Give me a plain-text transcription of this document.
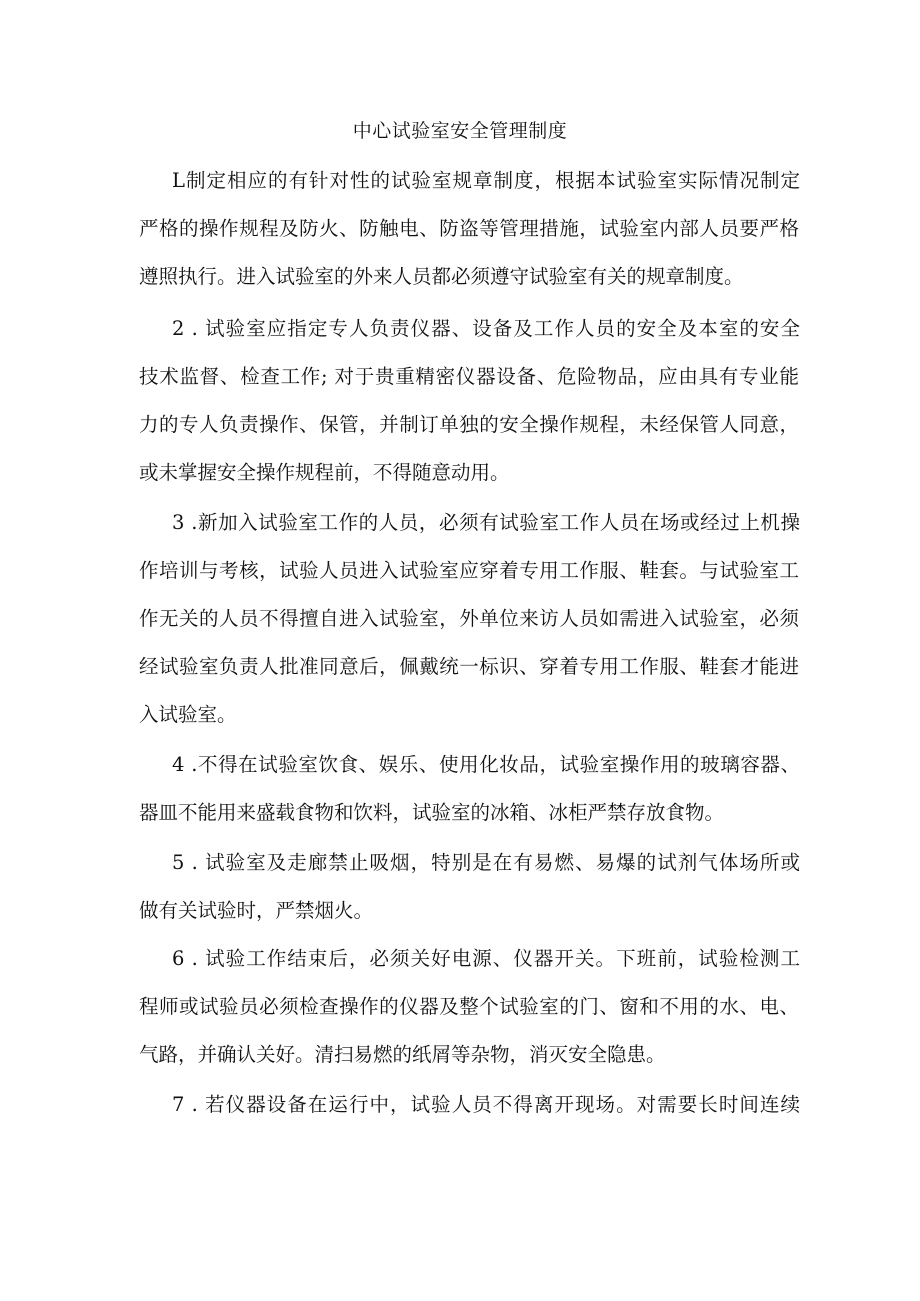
中心试验室安全管理制度
L制定相应的有针对性的试验室规章制度，根据本试验室实际情况制定
严格的操作规程及防火、防触电、防盗等管理措施，试验室内部人员要严格
遵照执行。进入试验室的外来人员都必须遵守试验室有关的规章制度。
2 . 试验室应指定专人负责仪器、设备及工作人员的安全及本室的安全
技术监督、检查工作; 对于贵重精密仪器设备、危险物品，应由具有专业能
力的专人负责操作、保管，并制订单独的安全操作规程，未经保管人同意，
或未掌握安全操作规程前，不得随意动用。
3 .新加入试验室工作的人员，必须有试验室工作人员在场或经过上机操
作培训与考核，试验人员进入试验室应穿着专用工作服、鞋套。与试验室工
作无关的人员不得擅自进入试验室，外单位来访人员如需进入试验室，必须
经试验室负责人批准同意后，佩戴统一标识、穿着专用工作服、鞋套才能进
入试验室。
4 .不得在试验室饮食、娱乐、使用化妆品，试验室操作用的玻璃容器、
器皿不能用来盛载食物和饮料，试验室的冰箱、冰柜严禁存放食物。
5 . 试验室及走廊禁止吸烟，特别是在有易燃、易爆的试剂气体场所或
做有关试验时，严禁烟火。
6 . 试验工作结束后，必须关好电源、仪器开关。下班前，试验检测工
程师或试验员必须检查操作的仪器及整个试验室的门、窗和不用的水、电、
气路，并确认关好。清扫易燃的纸屑等杂物，消灭安全隐患。
7 . 若仪器设备在运行中，试验人员不得离开现场。对需要长时间连续
